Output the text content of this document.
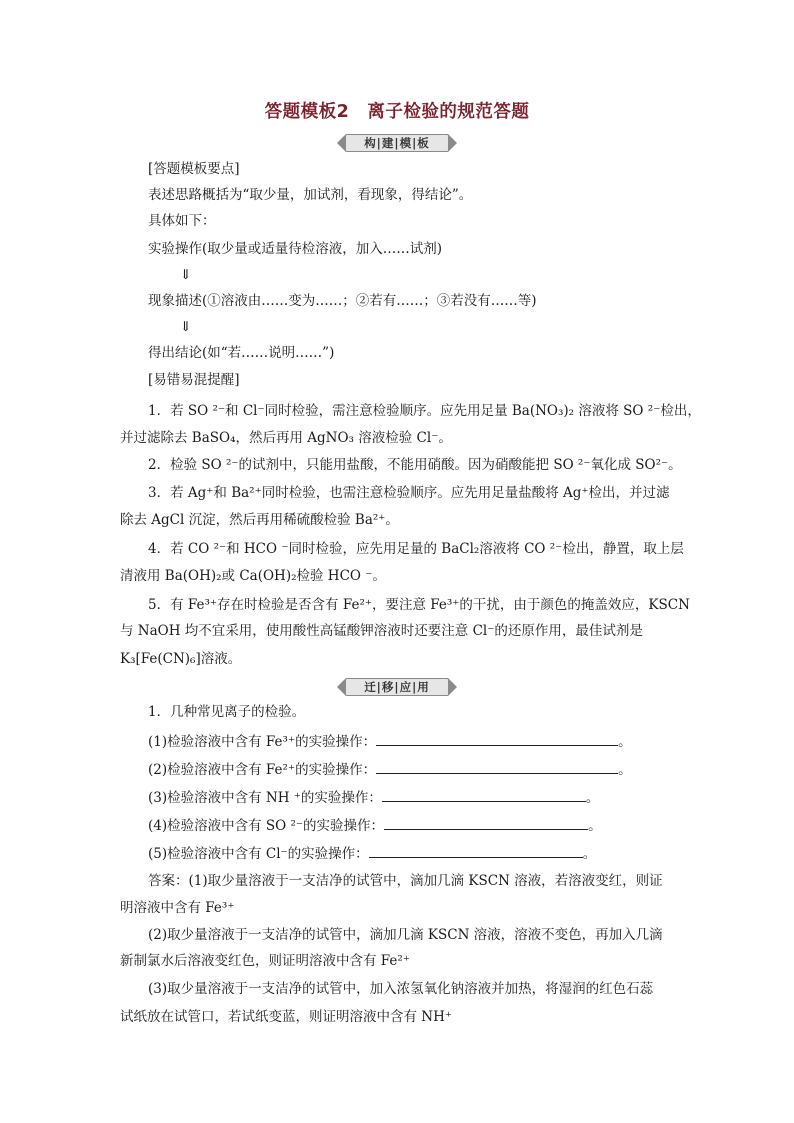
答题模板2　离子检验的规范答题
构|建|模|板
[答题模板要点]
表述思路概括为“取少量，加试剂，看现象，得结论”。
具体如下：
实验操作(取少量或适量待检溶液，加入……试剂)
⇓
现象描述(①溶液由……变为……；②若有……；③若没有……等)
⇓
得出结论(如“若……说明……”)
[易错易混提醒]
1．若 SO ²⁻和 Cl⁻同时检验，需注意检验顺序。应先用足量 Ba(NO₃)₂ 溶液将 SO ²⁻检出，
并过滤除去 BaSO₄，然后再用 AgNO₃ 溶液检验 Cl⁻。
2．检验 SO ²⁻的试剂中，只能用盐酸，不能用硝酸。因为硝酸能把 SO ²⁻氧化成 SO²⁻。
3．若 Ag⁺和 Ba²⁺同时检验，也需注意检验顺序。应先用足量盐酸将 Ag⁺检出，并过滤
除去 AgCl 沉淀，然后再用稀硫酸检验 Ba²⁺。
4．若 CO ²⁻和 HCO ⁻同时检验，应先用足量的 BaCl₂溶液将 CO ²⁻检出，静置，取上层
清液用 Ba(OH)₂或 Ca(OH)₂检验 HCO ⁻。
5．有 Fe³⁺存在时检验是否含有 Fe²⁺，要注意 Fe³⁺的干扰，由于颜色的掩盖效应，KSCN
与 NaOH 均不宜采用，使用酸性高锰酸钾溶液时还要注意 Cl⁻的还原作用，最佳试剂是
K₃[Fe(CN)₆]溶液。
迁|移|应|用
1．几种常见离子的检验。
(1)检验溶液中含有 Fe³⁺的实验操作：	。
(2)检验溶液中含有 Fe²⁺的实验操作：	。
(3)检验溶液中含有 NH ⁺的实验操作：	。
(4)检验溶液中含有 SO ²⁻的实验操作：	。
(5)检验溶液中含有 Cl⁻的实验操作：	。
答案：(1)取少量溶液于一支洁净的试管中，滴加几滴 KSCN 溶液，若溶液变红，则证
明溶液中含有 Fe³⁺
(2)取少量溶液于一支洁净的试管中，滴加几滴 KSCN 溶液，溶液不变色，再加入几滴
新制氯水后溶液变红色，则证明溶液中含有 Fe²⁺
(3)取少量溶液于一支洁净的试管中，加入浓氢氧化钠溶液并加热，将湿润的红色石蕊
试纸放在试管口，若试纸变蓝，则证明溶液中含有 NH⁺
